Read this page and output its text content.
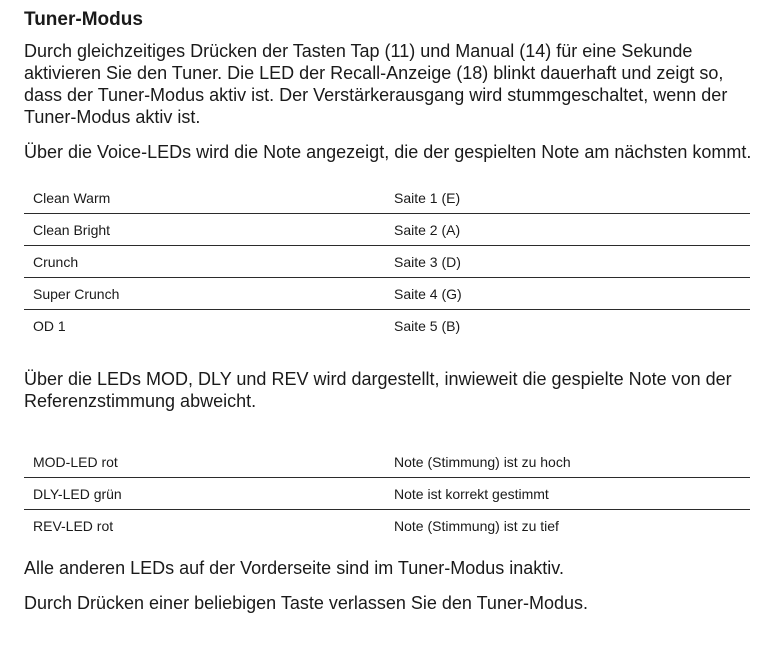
Tuner-Modus

Durch gleichzeitiges Drücken der Tasten Tap (11) und Manual (14) für eine Sekunde aktivieren Sie den Tuner. Die LED der Recall-Anzeige (18) blinkt dauerhaft und zeigt so, dass der Tuner-Modus aktiv ist. Der Verstärkerausgang wird stummgeschaltet, wenn der Tuner-Modus aktiv ist.

Über die Voice-LEDs wird die Note angezeigt, die der gespielten Note am nächsten kommt.

Clean Warm	Saite 1 (E)
Clean Bright	Saite 2 (A)
Crunch	Saite 3 (D)
Super Crunch	Saite 4 (G)
OD 1	Saite 5 (B)

Über die LEDs MOD, DLY und REV wird dargestellt, inwieweit die gespielte Note von der Referenzstimmung abweicht.

MOD-LED rot	Note (Stimmung) ist zu hoch
DLY-LED grün	Note ist korrekt gestimmt
REV-LED rot	Note (Stimmung) ist zu tief

Alle anderen LEDs auf der Vorderseite sind im Tuner-Modus inaktiv.

Durch Drücken einer beliebigen Taste verlassen Sie den Tuner-Modus.
